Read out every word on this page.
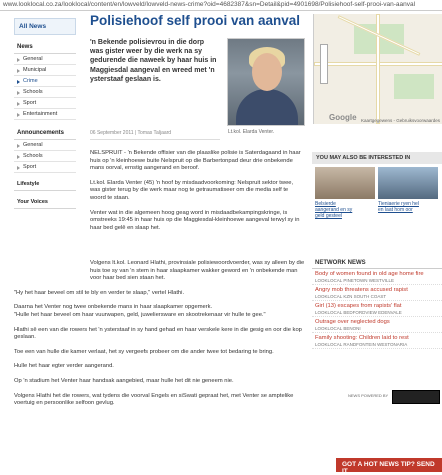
www.lookIocal.co.za/lookIocal/content/en/lowveld/lowveld-news-crime?oid=4682387&sn=Detail&pid=4901698/Polisiehoof-self-prooi-van-aanval
All News
News
General
Municipal
Crime
Schools
Sport
Entertainment
Announcements
General
Schools
Sport
Lifestyle
Your Voices
Polisiehoof self prooi van aanval
'n Bekende polisievrou in die dorp was gister weer by die werk na sy gedurende die naweek by haar huis in Maggiesdal aangeval en wreed met 'n ysterstaaf geslaan is.
06 September 2011 | Tomas Taljaard	Lt.kol. Elarda Venter.
Google Kaartgegewens - Gebruiksvoorwaardes

NELSPRUIT - 'n Bekende offisier van die plaaslike polisie is Saterdagaand in haar huis op 'n kleinhoewe buite Nelspruit op die Barbertonpad deur drie onbekende mans oorval, ernstig aangerand en beroof.

Lt.kol. Elarda Venter (45) 'n hoof by misdaadvoorkoming: Nelspruit sektor twee, was gister terug by die werk maar nog te getraumatiseer om die media self te woord te staan.

Venter wat in die algemeen hoog geag word in misdaadbekampingskringe, is omstreeks 19:45 in haar huis op die Maggiesdal-kleinhoewe aangeval terwyl sy in haar bed gelê en slaap het.

Volgens lt.kol. Leonard Hlathi, provinsiale polisiewoordvoerder, was sy alleen by die huis toe sy van 'n stem in haar slaapkamer wakker geword en 'n onbekende man voor haar bed sien staan het.

"Hy het haar beveel om stil te bly en verder te slaap," vertel Hlathi.

Daarna het Venter nog twee onbekende mans in haar slaapkamer opgemerk.
"Hulle het haar beveel om haar vuurwapen, geld, juweliersware en skootrekenaar vir hulle te gee."

Hlathi sê een van die rowers het 'n ysterstaaf in sy hand gehad en haar verskele kere in die gesig en oor die kop geslaan.

Toe een van hulle die kamer verlaat, het sy vergeefs probeer om die ander twee tot bedaring te bring.

Hulle het haar egter verder aangerand.

Op 'n stadium het Venter haar handsak aangebied, maar hulle het dit nie geneem nie.

Volgens Hlathi het die rowers, wat tydens die voorval Engels en siSwati gepraat het, met Venter se amptelike voertuig en persoonlike selfoon gevlug.

YOU MAY ALSO BE INTERESTED IN
Belsierde
aangerand en sy
geld gesteel
Tieniaerie ryen hel
en laat hom oor
NETWORK NEWS
Body of women found in old age home fire
LOOKLOCAL PINETOWN WESTVILLE
Angry mob threatens accused rapist
LOOKLOCAL KZN SOUTH COAST
Girl (13) escapes from rapists' flat
LOOKLOCAL BEDFORDVIEW EDENVALE
Outrage over neglected dogs
LOOKLOCAL BENONI
Family shooting: Children laid to rest
LOOKLOCAL RANDFONTEIN WESTONARIA
NEWS POWERED BY
GOT A HOT NEWS TIP? SEND IT
